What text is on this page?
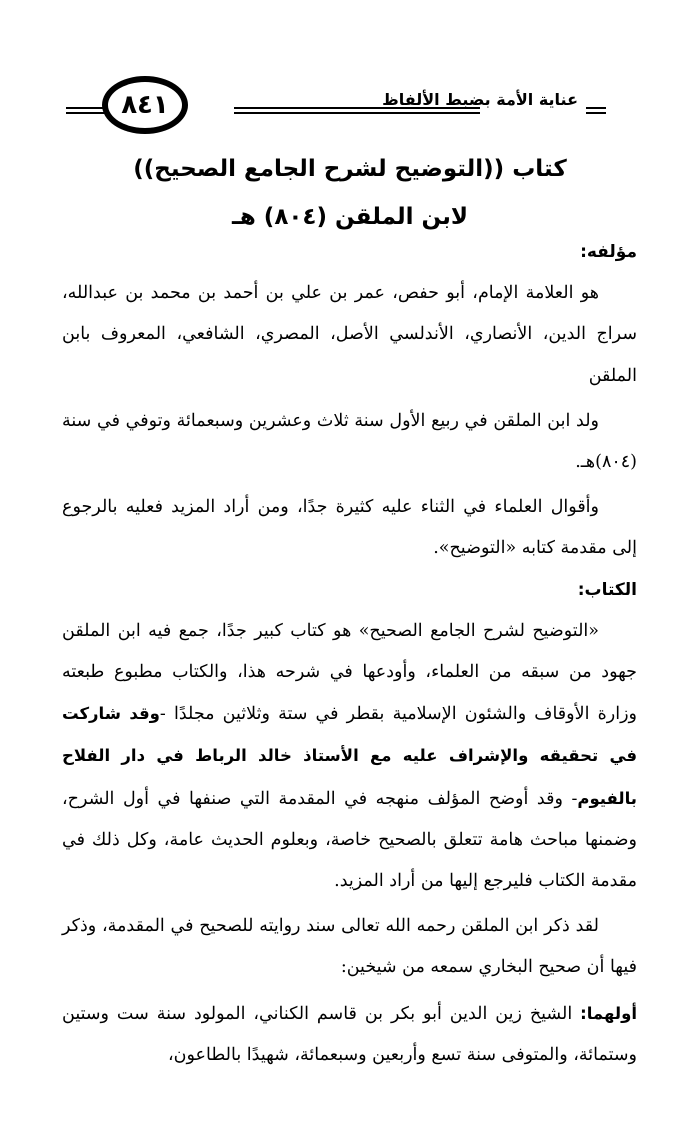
٨٤١	عناية الأمة بضبط الألفاظ
كتاب ((التوضيح لشرح الجامع الصحيح))
لابن الملقن (٨٠٤) هـ

مؤلفه:

هو العلامة الإمام، أبو حفص، عمر بن علي بن أحمد بن محمد بن عبدالله، سراج الدين، الأنصاري، الأندلسي الأصل، المصري، الشافعي، المعروف بابن الملقن

ولد ابن الملقن في ربيع الأول سنة ثلاث وعشرين وسبعمائة وتوفي في سنة (٨٠٤)هـ.

وأقوال العلماء في الثناء عليه كثيرة جدًا، ومن أراد المزيد فعليه بالرجوع إلى مقدمة كتابه «التوضيح».

الكتاب:

«التوضيح لشرح الجامع الصحيح» هو كتاب كبير جدًا، جمع فيه ابن الملقن جهود من سبقه من العلماء، وأودعها في شرحه هذا، والكتاب مطبوع طبعته وزارة الأوقاف والشئون الإسلامية بقطر في ستة وثلاثين مجلدًا -وقد شاركت في تحقيقه والإشراف عليه مع الأستاذ خالد الرباط في دار الفلاح بالفيوم- وقد أوضح المؤلف منهجه في المقدمة التي صنفها في أول الشرح، وضمنها مباحث هامة تتعلق بالصحيح خاصة، وبعلوم الحديث عامة، وكل ذلك في مقدمة الكتاب فليرجع إليها من أراد المزيد.

لقد ذكر ابن الملقن رحمه الله تعالى سند روايته للصحيح في المقدمة، وذكر فيها أن صحيح البخاري سمعه من شيخين:

أولهما: الشيخ زين الدين أبو بكر بن قاسم الكناني، المولود سنة ست وستين وستمائة، والمتوفى سنة تسع وأربعين وسبعمائة، شهيدًا بالطاعون،
